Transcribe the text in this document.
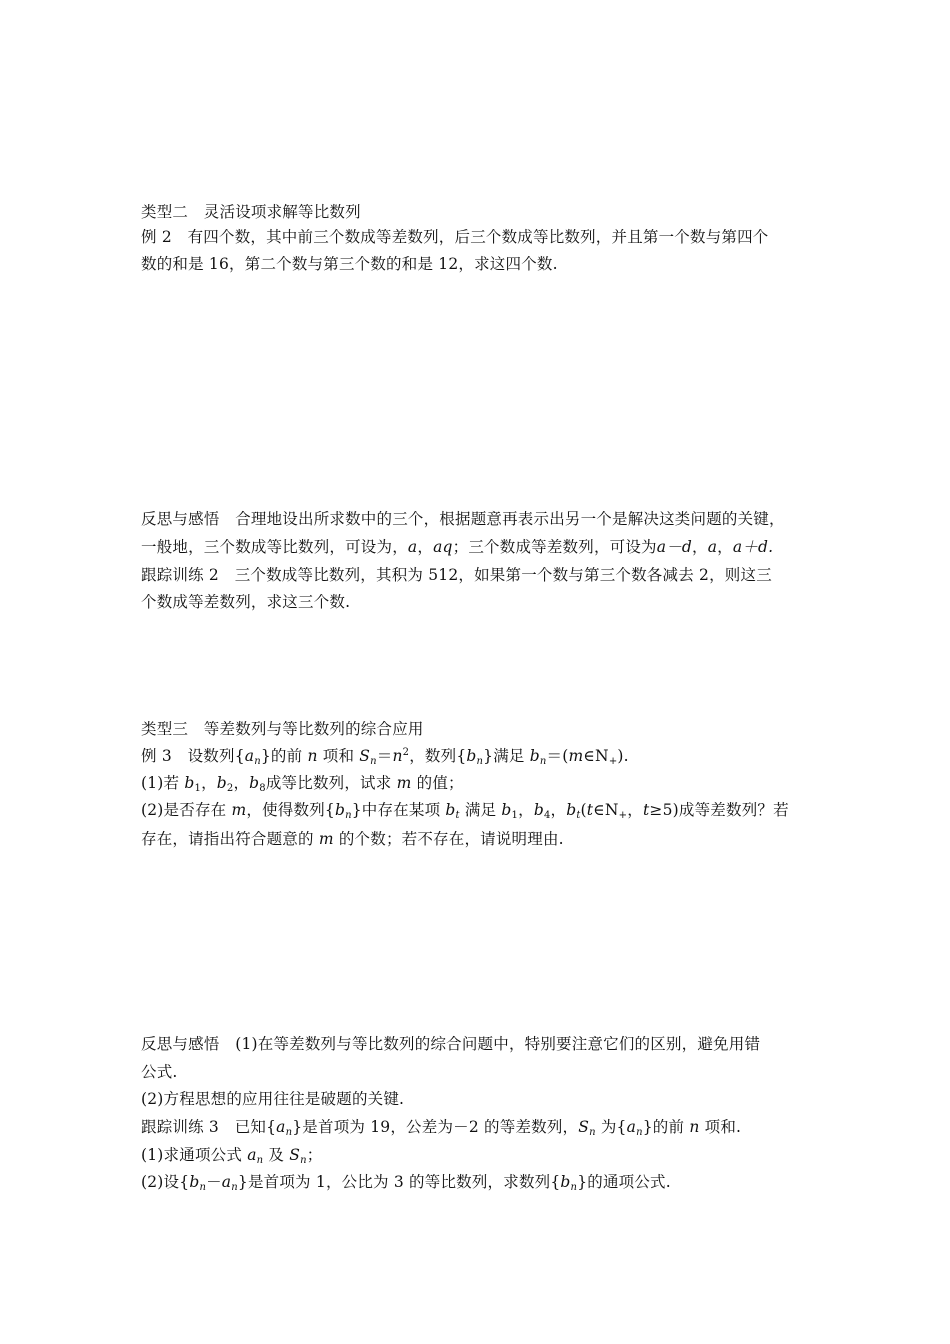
类型二　灵活设项求解等比数列
例 2　有四个数，其中前三个数成等差数列，后三个数成等比数列，并且第一个数与第四个
数的和是 16，第二个数与第三个数的和是 12，求这四个数.
反思与感悟　合理地设出所求数中的三个，根据题意再表示出另一个是解决这类问题的关键，
一般地，三个数成等比数列，可设为，a，aq；三个数成等差数列，可设为a－d，a，a＋d.
跟踪训练 2　三个数成等比数列，其积为 512，如果第一个数与第三个数各减去 2，则这三
个数成等差数列，求这三个数.
类型三　等差数列与等比数列的综合应用
例 3　设数列$\{a_n\}$的前 n 项和 $S_n=n^2$，数列$\{b_n\}$满足 $b_n=(m\in N_+)$.
(1)若 $b_1$，$b_2$，$b_8$成等比数列，试求 m 的值；
(2)是否存在 m，使得数列$\{b_n\}$中存在某项 $b_t$ 满足 $b_1$，$b_4$，$b_t(t\in N_+$，t≥5)成等差数列？若
存在，请指出符合题意的 m 的个数；若不存在，请说明理由.
反思与感悟　(1)在等差数列与等比数列的综合问题中，特别要注意它们的区别，避免用错
公式.
(2)方程思想的应用往往是破题的关键.
跟踪训练 3　已知$\{a_n\}$是首项为 19，公差为－2 的等差数列，$S_n$ 为$\{a_n\}$的前 n 项和.
(1)求通项公式 $a_n$ 及 $S_n$；
(2)设$\{b_n-a_n\}$是首项为 1，公比为 3 的等比数列，求数列$\{b_n\}$的通项公式.
